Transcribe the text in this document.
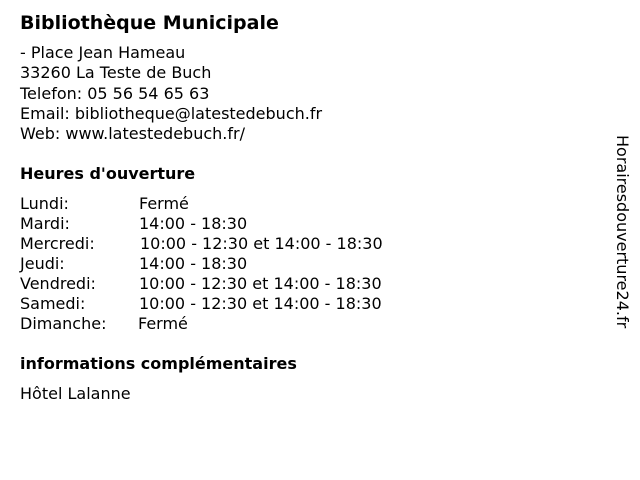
Bibliothèque Municipale
- Place Jean Hameau
33260 La Teste de Buch
Telefon: 05 56 54 65 63
Email: bibliotheque@latestedebuch.fr
Web: www.latestedebuch.fr/
Heures d'ouverture
Lundi:	Fermé
Mardi:	14:00 - 18:30
Mercredi:	10:00 - 12:30 et 14:00 - 18:30
Jeudi:	14:00 - 18:30
Vendredi:	10:00 - 12:30 et 14:00 - 18:30
Samedi:	10:00 - 12:30 et 14:00 - 18:30
Dimanche: Fermé
informations complémentaires
Hôtel Lalanne
Horairesdouverture24.fr
